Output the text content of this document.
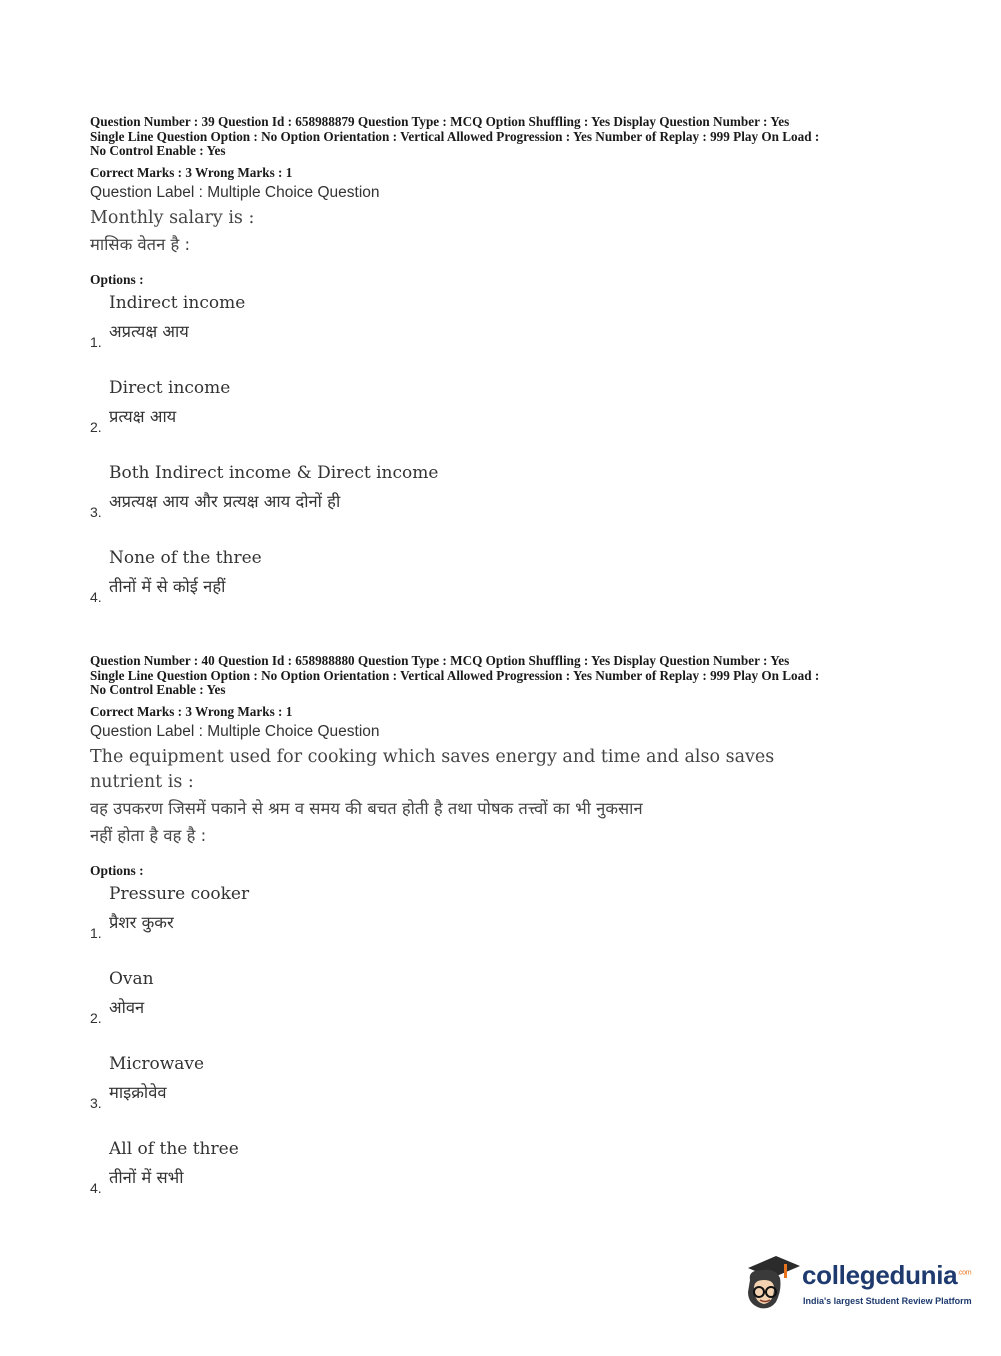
Question Number : 39 Question Id : 658988879 Question Type : MCQ Option Shuffling : Yes Display Question Number : Yes
Single Line Question Option : No Option Orientation : Vertical Allowed Progression : Yes Number of Replay : 999 Play On Load :
No Control Enable : Yes
Correct Marks : 3 Wrong Marks : 1
Question Label : Multiple Choice Question
Monthly salary is :
मासिक वेतन है :
Options :
Indirect income
अप्रत्यक्ष आय
1.
Direct income
प्रत्यक्ष आय
2.
Both Indirect income & Direct income
अप्रत्यक्ष आय और प्रत्यक्ष आय दोनों ही
3.
None of the three
तीनों में से कोई नहीं
4.
Question Number : 40 Question Id : 658988880 Question Type : MCQ Option Shuffling : Yes Display Question Number : Yes
Single Line Question Option : No Option Orientation : Vertical Allowed Progression : Yes Number of Replay : 999 Play On Load :
No Control Enable : Yes
Correct Marks : 3 Wrong Marks : 1
Question Label : Multiple Choice Question
The equipment used for cooking which saves energy and time and also saves
nutrient is :
वह उपकरण जिसमें पकाने से श्रम व समय की बचत होती है तथा पोषक तत्त्वों का भी नुकसान
नहीं होता है वह है :
Options :
Pressure cooker
प्रैशर कुकर
1.
Ovan
ओवन
2.
Microwave
माइक्रोवेव
3.
All of the three
तीनों में सभी
4.
collegedunia$^{.com}$
India's largest Student Review Platform
